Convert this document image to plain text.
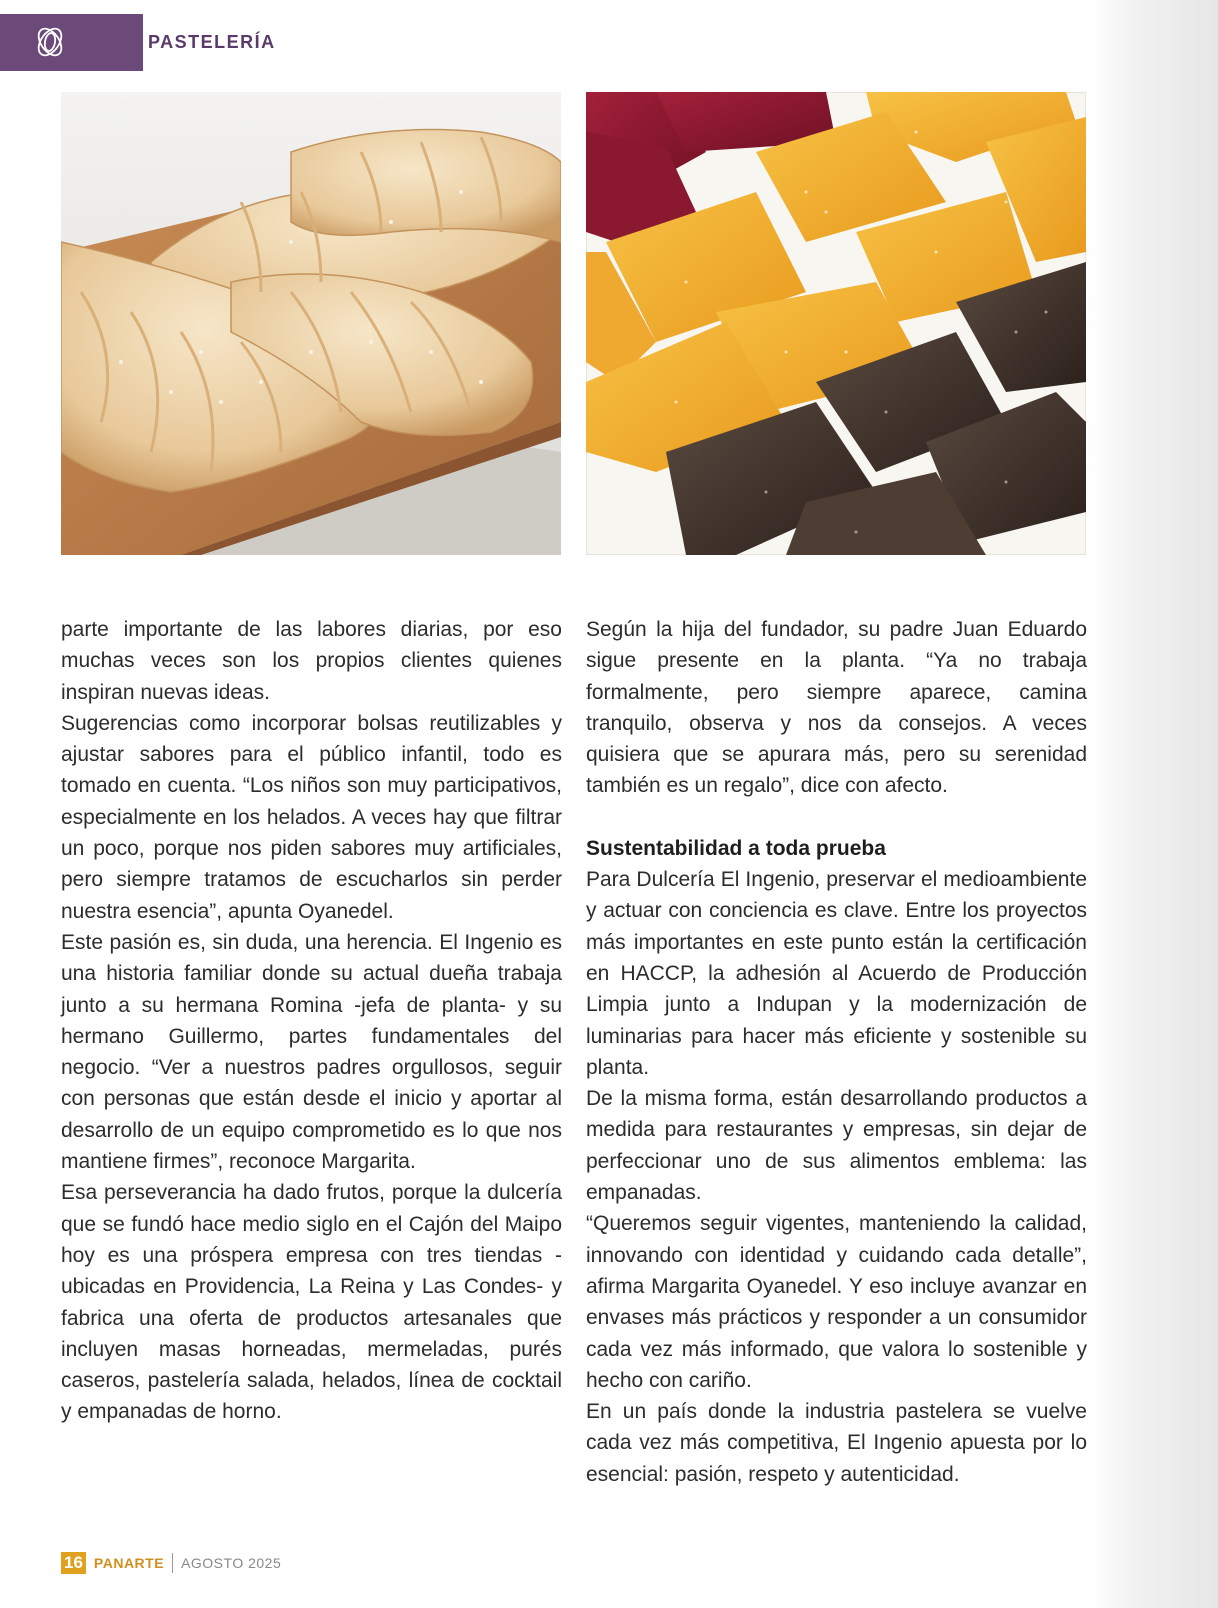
PASTELERÍA

parte importante de las labores diarias, por eso muchas veces son los propios clientes quienes inspiran nuevas ideas.

Sugerencias como incorporar bolsas reutilizables y ajustar sabores para el público infantil, todo es tomado en cuenta. “Los niños son muy participativos, especialmente en los helados. A veces hay que filtrar un poco, porque nos piden sabores muy artificiales, pero siempre tratamos de escucharlos sin perder nuestra esencia”, apunta Oyanedel.

Este pasión es, sin duda, una herencia. El Ingenio es una historia familiar donde su actual dueña trabaja junto a su hermana Romina -jefa de planta- y su hermano Guillermo, partes fundamentales del negocio. “Ver a nuestros padres orgullosos, seguir con personas que están desde el inicio y aportar al desarrollo de un equipo comprometido es lo que nos mantiene firmes”, reconoce Margarita.

Esa perseverancia ha dado frutos, porque la dulcería que se fundó hace medio siglo en el Cajón del Maipo hoy es una próspera empresa con tres tiendas -ubicadas en Providencia, La Reina y Las Condes- y fabrica una oferta de productos artesanales que incluyen masas horneadas, mermeladas, purés caseros, pastelería salada, helados, línea de cocktail y empanadas de horno.

Según la hija del fundador, su padre Juan Eduardo sigue presente en la planta. “Ya no trabaja formalmente, pero siempre aparece, camina tranquilo, observa y nos da consejos. A veces quisiera que se apurara más, pero su serenidad también es un regalo”, dice con afecto.

Sustentabilidad a toda prueba

Para Dulcería El Ingenio, preservar el medioambiente y actuar con conciencia es clave. Entre los proyectos más importantes en este punto están la certificación en HACCP, la adhesión al Acuerdo de Producción Limpia junto a Indupan y la modernización de luminarias para hacer más eficiente y sostenible su planta.

De la misma forma, están desarrollando productos a medida para restaurantes y empresas, sin dejar de perfeccionar uno de sus alimentos emblema: las empanadas.

“Queremos seguir vigentes, manteniendo la calidad, innovando con identidad y cuidando cada detalle”, afirma Margarita Oyanedel. Y eso incluye avanzar en envases más prácticos y responder a un consumidor cada vez más informado, que valora lo sostenible y hecho con cariño.

En un país donde la industria pastelera se vuelve cada vez más competitiva, El Ingenio apuesta por lo esencial: pasión, respeto y autenticidad.

16 PANARTE AGOSTO 2025
